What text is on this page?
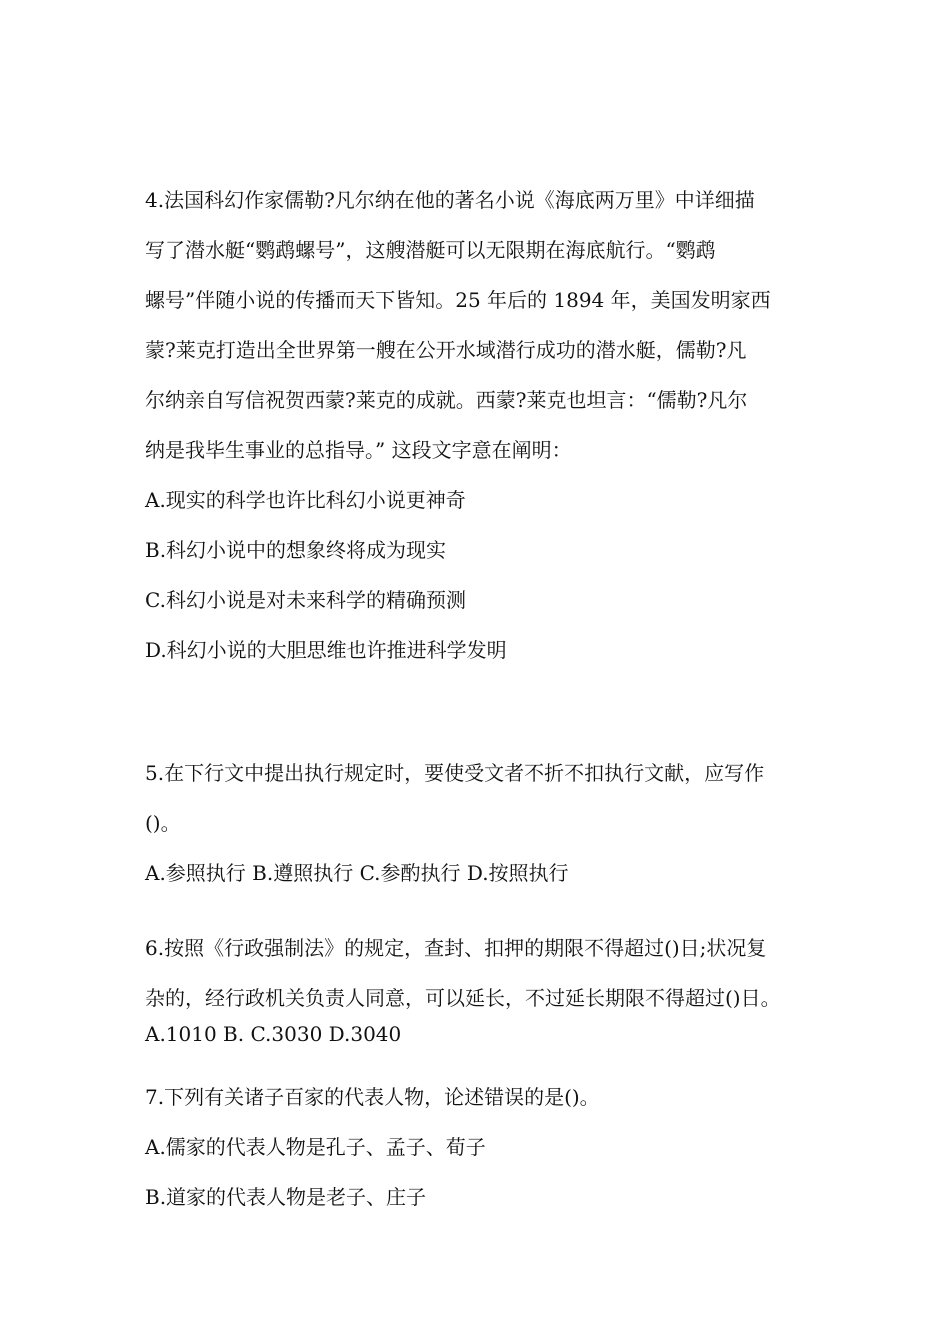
4.法国科幻作家儒勒?凡尔纳在他的著名小说《海底两万里》中详细描
写了潜水艇“鹦鹉螺号”，这艘潜艇可以无限期在海底航行。“鹦鹉
螺号”伴随小说的传播而天下皆知。25 年后的 1894 年，美国发明家西
蒙?莱克打造出全世界第一艘在公开水域潜行成功的潜水艇，儒勒?凡
尔纳亲自写信祝贺西蒙?莱克的成就。西蒙?莱克也坦言：“儒勒?凡尔
纳是我毕生事业的总指导。” 这段文字意在阐明：
A.现实的科学也许比科幻小说更神奇
B.科幻小说中的想象终将成为现实
C.科幻小说是对未来科学的精确预测
D.科幻小说的大胆思维也许推进科学发明
5.在下行文中提出执行规定时，要使受文者不折不扣执行文献，应写作
()。
A.参照执行 B.遵照执行 C.参酌执行 D.按照执行
6.按照《行政强制法》的规定，查封、扣押的期限不得超过()日;状况复
杂的，经行政机关负责人同意，可以延长，不过延长期限不得超过()日。
A.1010 B. C.3030 D.3040
7.下列有关诸子百家的代表人物，论述错误的是()。
A.儒家的代表人物是孔子、孟子、荀子
B.道家的代表人物是老子、庄子
